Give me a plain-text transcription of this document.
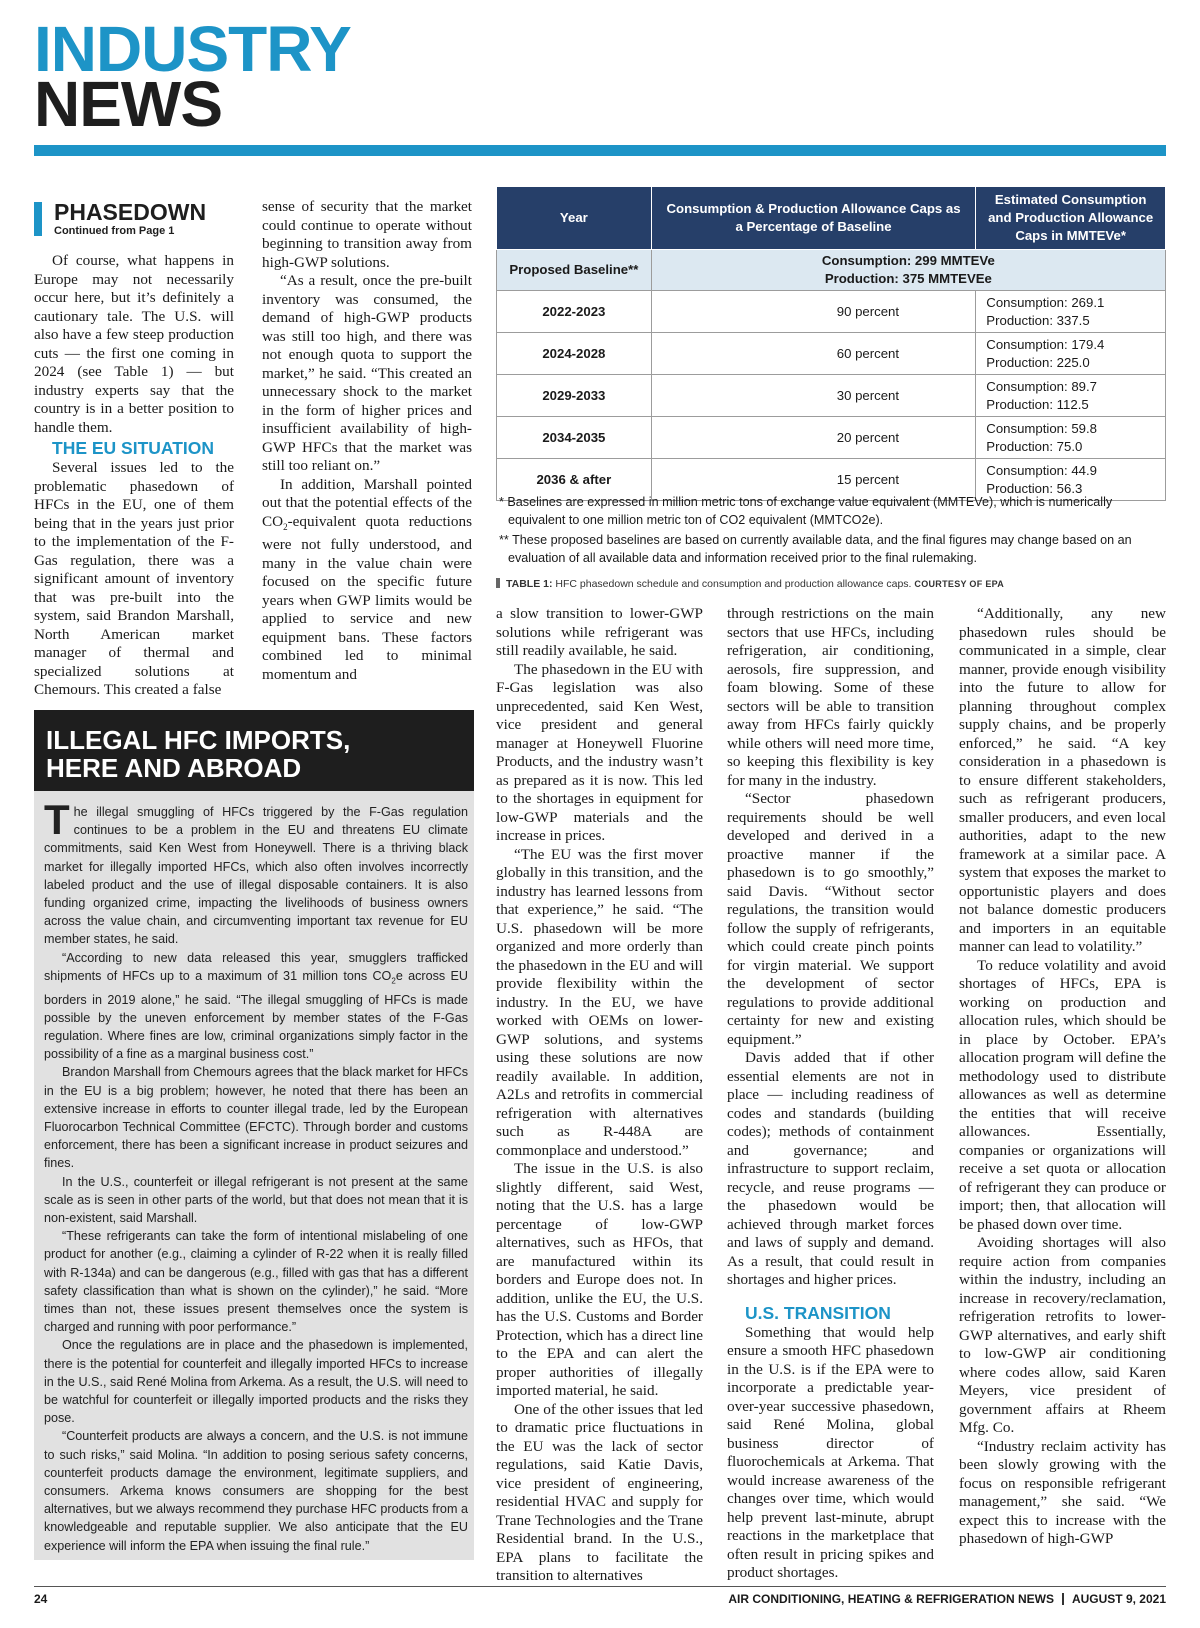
INDUSTRY
NEWS
PHASEDOWN
Continued from Page 1

Of course, what happens in Europe may not necessarily occur here, but it’s definitely a cautionary tale. The U.S. will also have a few steep production cuts — the first one coming in 2024 (see Table 1) — but industry experts say that the country is in a better position to handle them.

THE EU SITUATION

Several issues led to the problematic phasedown of HFCs in the EU, one of them being that in the years just prior to the implementation of the F-Gas regulation, there was a significant amount of inventory that was pre-built into the system, said Brandon Marshall, North American market manager of thermal and specialized solutions at Chemours. This created a false

sense of security that the market could continue to operate without beginning to transition away from high-GWP solutions.

“As a result, once the pre-built inventory was consumed, the demand of high-GWP products was still too high, and there was not enough quota to support the market,” he said. “This created an unnecessary shock to the market in the form of higher prices and insufficient availability of high-GWP HFCs that the market was still too reliant on.”

In addition, Marshall pointed out that the potential effects of the $CO_2$-equivalent quota reductions were not fully understood, and many in the value chain were focused on the specific future years when GWP limits would be applied to service and new equipment bans. These factors combined led to minimal momentum and

Year	Consumption & Production Allowance Caps as a Percentage of Baseline	Estimated Consumption and Production Allowance Caps in MMTEVe*
Proposed Baseline**	Consumption: 299 MMTEVe
Production: 375 MMTEVEe	

2022-2023	90 percent	Consumption: 269.1
Production: 337.5

2024-2028	60 percent	Consumption: 179.4
Production: 225.0

2029-2033	30 percent	Consumption: 89.7
Production: 112.5

2034-2035	20 percent	Consumption: 59.8
Production: 75.0

2036 & after	15 percent	Consumption: 44.9
Production: 56.3

* Baselines are expressed in million metric tons of exchange value equivalent (MMTEVe), which is numerically equivalent to one million metric ton of CO2 equivalent (MMTCO2e).

** These proposed baselines are based on currently available data, and the final figures may change based on an evaluation of all available data and information received prior to the final rulemaking.

TABLE 1: HFC phasedown schedule and consumption and production allowance caps. COURTESY OF EPA

a slow transition to lower-GWP solutions while refrigerant was still readily available, he said.

The phasedown in the EU with F-Gas legislation was also unprecedented, said Ken West, vice president and general manager at Honeywell Fluorine Products, and the industry wasn’t as prepared as it is now. This led to the shortages in equipment for low-GWP materials and the increase in prices.

“The EU was the first mover globally in this transition, and the industry has learned lessons from that experience,” he said. “The U.S. phasedown will be more organized and more orderly than the phasedown in the EU and will provide flexibility within the industry. In the EU, we have worked with OEMs on lower-GWP solutions, and systems using these solutions are now readily available. In addition, A2Ls and retrofits in commercial refrigeration with alternatives such as R-448A are commonplace and understood.”

The issue in the U.S. is also slightly different, said West, noting that the U.S. has a large percentage of low-GWP alternatives, such as HFOs, that are manufactured within its borders and Europe does not. In addition, unlike the EU, the U.S. has the U.S. Customs and Border Protection, which has a direct line to the EPA and can alert the proper authorities of illegally imported material, he said.

One of the other issues that led to dramatic price fluctuations in the EU was the lack of sector regulations, said Katie Davis, vice president of engineering, residential HVAC and supply for Trane Technologies and the Trane Residential brand. In the U.S., EPA plans to facilitate the transition to alternatives

through restrictions on the main sectors that use HFCs, including refrigeration, air conditioning, aerosols, fire suppression, and foam blowing. Some of these sectors will be able to transition away from HFCs fairly quickly while others will need more time, so keeping this flexibility is key for many in the industry.

“Sector phasedown requirements should be well developed and derived in a proactive manner if the phasedown is to go smoothly,” said Davis. “Without sector regulations, the transition would follow the supply of refrigerants, which could create pinch points for virgin material. We support the development of sector regulations to provide additional certainty for new and existing equipment.”

Davis added that if other essential elements are not in place — including readiness of codes and standards (building codes); methods of containment and governance; and infrastructure to support reclaim, recycle, and reuse programs — the phasedown would be achieved through market forces and laws of supply and demand. As a result, that could result in shortages and higher prices.

U.S. TRANSITION

Something that would help ensure a smooth HFC phasedown in the U.S. is if the EPA were to incorporate a predictable year-over-year successive phasedown, said René Molina, global business director of fluorochemicals at Arkema. That would increase awareness of the changes over time, which would help prevent last-minute, abrupt reactions in the marketplace that often result in pricing spikes and product shortages.

“Additionally, any new phasedown rules should be communicated in a simple, clear manner, provide enough visibility into the future to allow for planning throughout complex supply chains, and be properly enforced,” he said. “A key consideration in a phasedown is to ensure different stakeholders, such as refrigerant producers, smaller producers, and even local authorities, adapt to the new framework at a similar pace. A system that exposes the market to opportunistic players and does not balance domestic producers and importers in an equitable manner can lead to volatility.”

To reduce volatility and avoid shortages of HFCs, EPA is working on production and allocation rules, which should be in place by October. EPA’s allocation program will define the methodology used to distribute allowances as well as determine the entities that will receive allowances. Essentially, companies or organizations will receive a set quota or allocation of refrigerant they can produce or import; then, that allocation will be phased down over time.

Avoiding shortages will also require action from companies within the industry, including an increase in recovery/reclamation, refrigeration retrofits to lower-GWP alternatives, and early shift to low-GWP air conditioning where codes allow, said Karen Meyers, vice president of government affairs at Rheem Mfg. Co.

“Industry reclaim activity has been slowly growing with the focus on responsible refrigerant management,” she said. “We expect this to increase with the phasedown of high-GWP

ILLEGAL HFC IMPORTS,
HERE AND ABROAD

The illegal smuggling of HFCs triggered by the F-Gas regulation continues to be a problem in the EU and threatens EU climate commitments, said Ken West from Honeywell. There is a thriving black market for illegally imported HFCs, which also often involves incorrectly labeled product and the use of illegal disposable containers. It is also funding organized crime, impacting the livelihoods of business owners across the value chain, and circumventing important tax revenue for EU member states, he said.

“According to new data released this year, smugglers trafficked shipments of HFCs up to a maximum of 31 million tons $CO_2e$ across EU borders in 2019 alone,” he said. “The illegal smuggling of HFCs is made possible by the uneven enforcement by member states of the F-Gas regulation. Where fines are low, criminal organizations simply factor in the possibility of a fine as a marginal business cost.”

Brandon Marshall from Chemours agrees that the black market for HFCs in the EU is a big problem; however, he noted that there has been an extensive increase in efforts to counter illegal trade, led by the European Fluorocarbon Technical Committee (EFCTC). Through border and customs enforcement, there has been a significant increase in product seizures and fines.

In the U.S., counterfeit or illegal refrigerant is not present at the same scale as is seen in other parts of the world, but that does not mean that it is non-existent, said Marshall.

“These refrigerants can take the form of intentional mislabeling of one product for another (e.g., claiming a cylinder of R-22 when it is really filled with R-134a) and can be dangerous (e.g., filled with gas that has a different safety classification than what is shown on the cylinder),” he said. “More times than not, these issues present themselves once the system is charged and running with poor performance.”

Once the regulations are in place and the phasedown is implemented, there is the potential for counterfeit and illegally imported HFCs to increase in the U.S., said René Molina from Arkema. As a result, the U.S. will need to be watchful for counterfeit or illegally imported products and the risks they pose.

“Counterfeit products are always a concern, and the U.S. is not immune to such risks,” said Molina. “In addition to posing serious safety concerns, counterfeit products damage the environment, legitimate suppliers, and consumers. Arkema knows consumers are shopping for the best alternatives, but we always recommend they purchase HFC products from a knowledgeable and reputable supplier. We also anticipate that the EU experience will inform the EPA when issuing the final rule.”

24	AIR CONDITIONING, HEATING & REFRIGERATION NEWS AUGUST 9, 2021
